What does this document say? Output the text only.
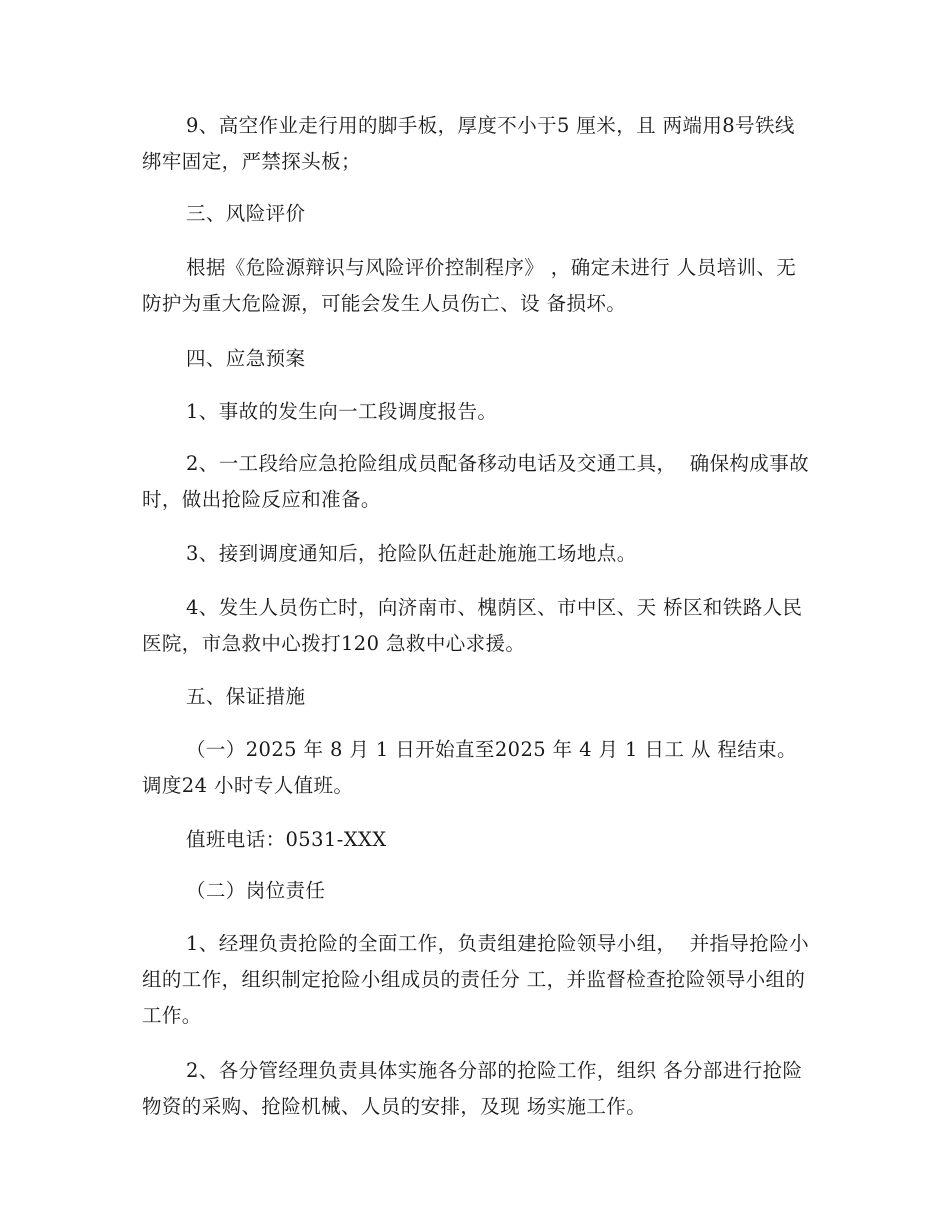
9、高空作业走行用的脚手板，厚度不小于5 厘米，且 两端用8号铁线绑牢固定，严禁探头板；

三、风险评价

根据《危险源辩识与风险评价控制程序》 ，确定未进行 人员培训、无防护为重大危险源，可能会发生人员伤亡、设 备损坏。

四、应急预案

1、事故的发生向一工段调度报告。

2、一工段给应急抢险组成员配备移动电话及交通工具，  确保构成事故时，做出抢险反应和准备。

3、接到调度通知后，抢险队伍赶赴施施工场地点。

4、发生人员伤亡时，向济南市、槐荫区、市中区、天 桥区和铁路人民医院，市急救中心拨打120 急救中心求援。

五、保证措施

（一）2025 年 8 月 1 日开始直至2025 年 4 月 1 日工 从 程结束。调度24 小时专人值班。

值班电话：0531-XXX

（二）岗位责任

1、经理负责抢险的全面工作，负责组建抢险领导小组，  并指导抢险小组的工作，组织制定抢险小组成员的责任分 工，并监督检查抢险领导小组的工作。

2、各分管经理负责具体实施各分部的抢险工作，组织 各分部进行抢险物资的采购、抢险机械、人员的安排，及现 场实施工作。
